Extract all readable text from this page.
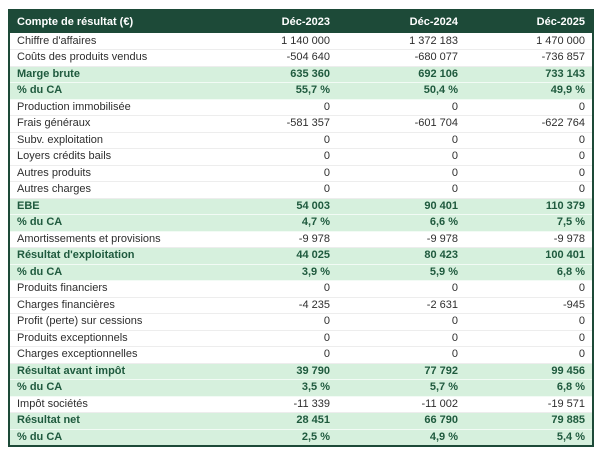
Compte de résultat (€)	Déc-2023	Déc-2024	Déc-2025
Chiffre d'affaires	1 140 000	1 372 183	1 470 000
Coûts des produits vendus	-504 640	-680 077	-736 857
Marge brute	635 360	692 106	733 143
% du CA	55,7 %	50,4 %	49,9 %
Production immobilisée	0	0	0
Frais généraux	-581 357	-601 704	-622 764
Subv. exploitation	0	0	0
Loyers crédits bails	0	0	0
Autres produits	0	0	0
Autres charges	0	0	0
EBE	54 003	90 401	110 379
% du CA	4,7 %	6,6 %	7,5 %
Amortissements et provisions	-9 978	-9 978	-9 978
Résultat d'exploitation	44 025	80 423	100 401
% du CA	3,9 %	5,9 %	6,8 %
Produits financiers	0	0	0
Charges financières	-4 235	-2 631	-945
Profit (perte) sur cessions	0	0	0
Produits exceptionnels	0	0	0
Charges exceptionnelles	0	0	0
Résultat avant impôt	39 790	77 792	99 456
% du CA	3,5 %	5,7 %	6,8 %
Impôt sociétés	-11 339	-11 002	-19 571
Résultat net	28 451	66 790	79 885
% du CA	2,5 %	4,9 %	5,4 %
